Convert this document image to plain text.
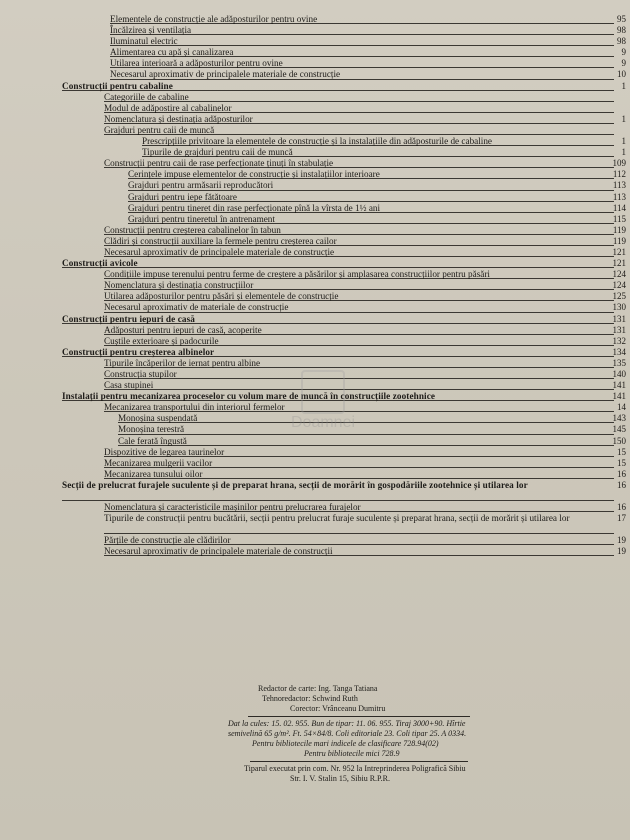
Elementele de construcție ale adăposturilor pentru ovine	95
Încălzirea și ventilația	98
Iluminatul electric	98
Alimentarea cu apă și canalizarea	9
Utilarea interioară a adăposturilor pentru ovine	9
Necesarul aproximativ de principalele materiale de construcție	10
Construcții pentru cabaline	1
Categoriile de cabaline
Modul de adăpostire al cabalinelor
Nomenclatura și destinația adăposturilor	1
Grajduri pentru caii de muncă
Prescripțiile privitoare la elementele de construcție și la instalațiile din adăposturile de cabaline	1
Tipurile de grajduri pentru caii de muncă	1
Construcții pentru caii de rase perfecționate ținuți în stabulație	109
Cerințele impuse elementelor de construcție și instalațiilor interioare	112
Grajduri pentru armăsarii reproducători	113
Grajduri pentru iepe fătătoare	113
Grajduri pentru tineret din rase perfecționate pînă la vîrsta de 1½ ani	114
Grajduri pentru tineretul în antrenament	115
Construcții pentru creșterea cabalinelor în tabun	119
Clădiri și construcții auxiliare la fermele pentru creșterea cailor	119
Necesarul aproximativ de principalele materiale de construcție	121
Construcții avicole	121
Condițiile impuse terenului pentru ferme de creștere a păsărilor și amplasarea construcțiilor pentru păsări	124
Nomenclatura și destinația construcțiilor	124
Utilarea adăposturilor pentru păsări și elementele de construcție	125
Necesarul aproximativ de materiale de construcție	130
Construcții pentru iepuri de casă	131
Adăposturi pentru iepuri de casă, acoperite	131
Cuștile exterioare și padocurile	132
Construcții pentru creșterea albinelor	134
Tipurile încăperilor de iernat pentru albine	135
Construcția stupilor	140
Casa stupinei	141
Instalații pentru mecanizarea proceselor cu volum mare de muncă în construcțiile zootehnice	141
Mecanizarea transportului din interiorul fermelor	14
Monoșina suspendată	143
Monoșina terestră	145
Cale ferată îngustă	150
Dispozitive de legarea taurinelor	15
Mecanizarea mulgerii vacilor	15
Mecanizarea tunsului oilor	16
Secții de prelucrat furajele suculente și de preparat hrana, secții de morărit în gospodăriile zootehnice și utilarea lor	16
Nomenclatura și caracteristicile mașinilor pentru prelucrarea furajelor	16
Tipurile de construcții pentru bucătării, secții pentru prelucrat furaje suculente și preparat hrana, secții de morărit și utilarea lor	17
Părțile de construcție ale clădirilor	19
Necesarul aproximativ de principalele materiale de construcții	19
Doamnei
Redactor de carte: Ing. Tanga Tatiana
Tehnoredactor: Schwind Ruth
Corector: Vrânceanu Dumitru
Dat la cules: 15. 02. 955. Bun de tipar: 11. 06. 955. Tiraj 3000+90. Hîrtie
semivelină 65 g/m². Ft. 54×84/8. Coli editoriale 23. Coli tipar 25. A 0334.
Pentru bibliotecile mari indicele de clasificare 728.94(02)
Pentru bibliotecile mici 728.9
Tiparul executat prin com. Nr. 952 la Intreprinderea Poligrafică Sibiu
Str. I. V. Stalin 15, Sibiu R.P.R.
